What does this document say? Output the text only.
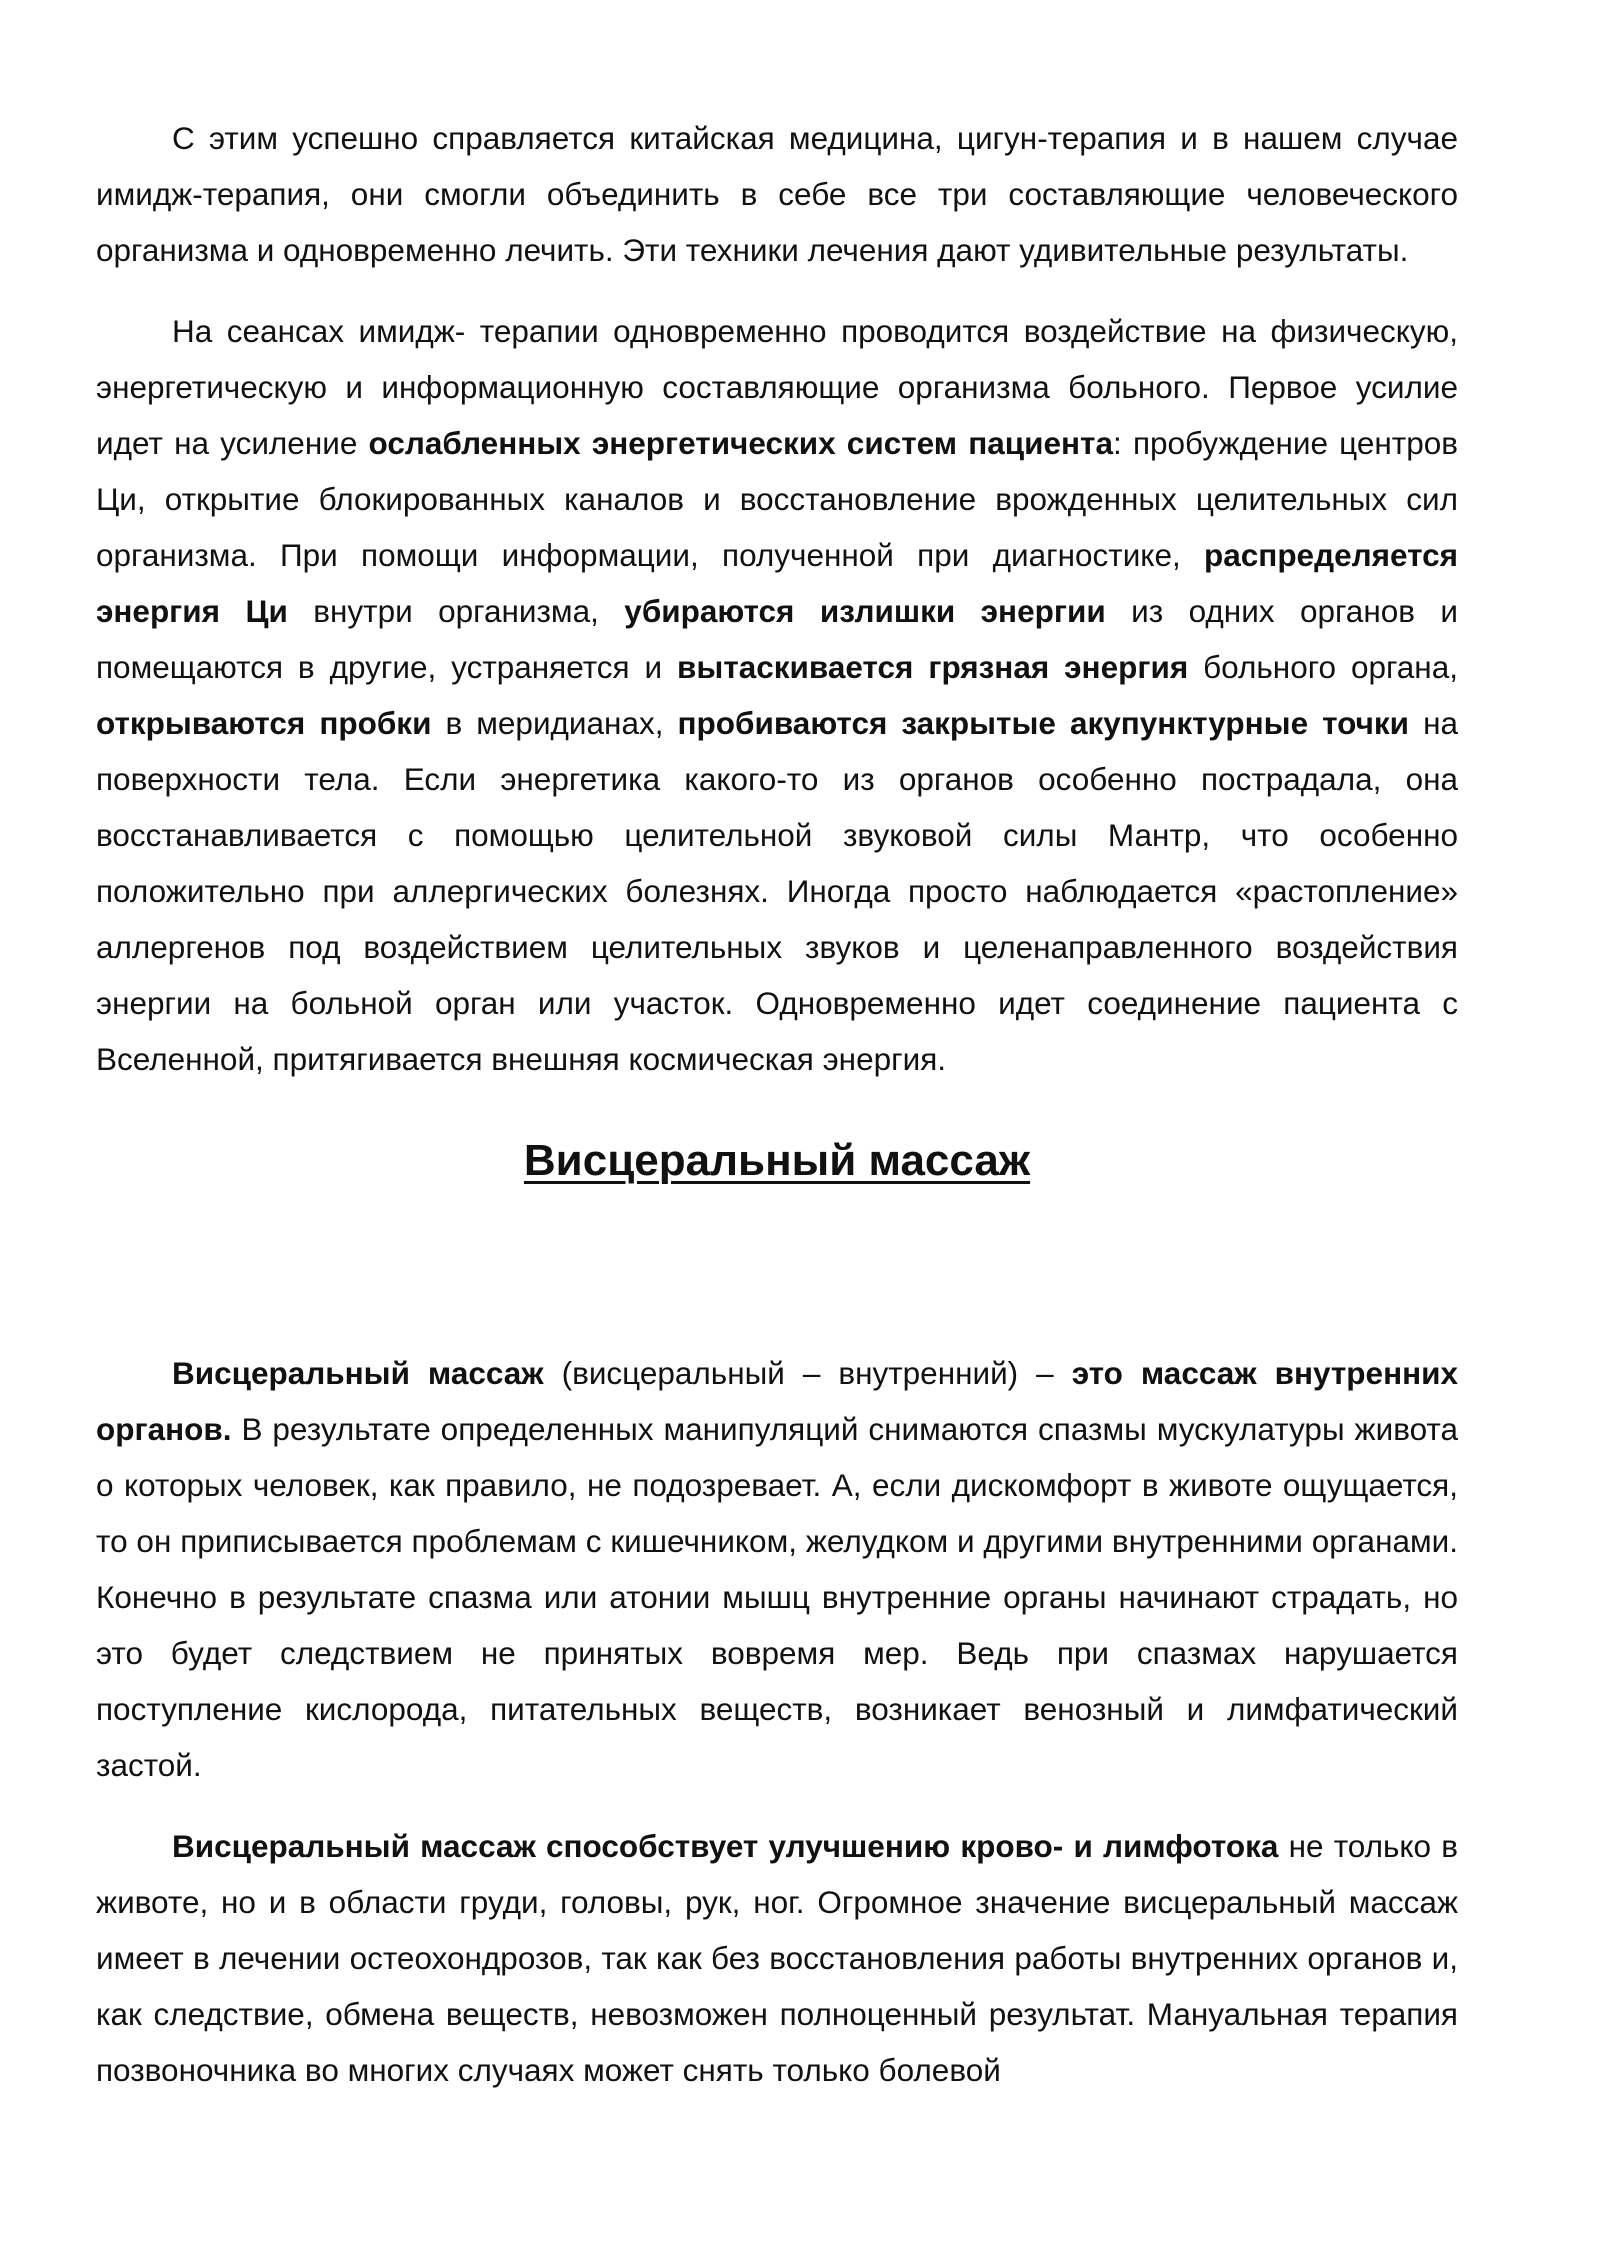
С этим успешно справляется китайская медицина, цигун-терапия и в нашем случае имидж-терапия, они смогли объединить в себе все три составляющие человеческого организма и одновременно лечить. Эти техники лечения дают удивительные результаты.

На сеансах имидж- терапии одновременно проводится воздействие на физическую, энергетическую и информационную составляющие организма больного. Первое усилие идет на усиление ослабленных энергетических систем пациента: пробуждение центров Ци, открытие блокированных каналов и восстановление врожденных целительных сил организма. При помощи информации, полученной при диагностике, распределяется энергия Ци внутри организма, убираются излишки энергии из одних органов и помещаются в другие, устраняется и вытаскивается грязная энергия больного органа, открываются пробки в меридианах, пробиваются закрытые акупунктурные точки на поверхности тела. Если энергетика какого-то из органов особенно пострадала, она восстанавливается с помощью целительной звуковой силы Мантр, что особенно положительно при аллергических болезнях. Иногда просто наблюдается «растопление» аллергенов под воздействием целительных звуков и целенаправленного воздействия энергии на больной орган или участок. Одновременно идет соединение пациента с Вселенной, притягивается внешняя космическая энергия.

Висцеральный массаж

Висцеральный массаж (висцеральный – внутренний) – это массаж внутренних органов. В результате определенных манипуляций снимаются спазмы мускулатуры живота о которых человек, как правило, не подозревает. А, если дискомфорт в животе ощущается, то он приписывается проблемам с кишечником, желудком и другими внутренними органами. Конечно в результате спазма или атонии мышц внутренние органы начинают страдать, но это будет следствием не принятых вовремя мер. Ведь при спазмах нарушается поступление кислорода, питательных веществ, возникает венозный и лимфатический застой.

Висцеральный массаж способствует улучшению крово- и лимфотока не только в животе, но и в области груди, головы, рук, ног. Огромное значение висцеральный массаж имеет в лечении остеохондрозов, так как без восстановления работы внутренних органов и, как следствие, обмена веществ, невозможен полноценный результат. Мануальная терапия позвоночника во многих случаях может снять только болевой
